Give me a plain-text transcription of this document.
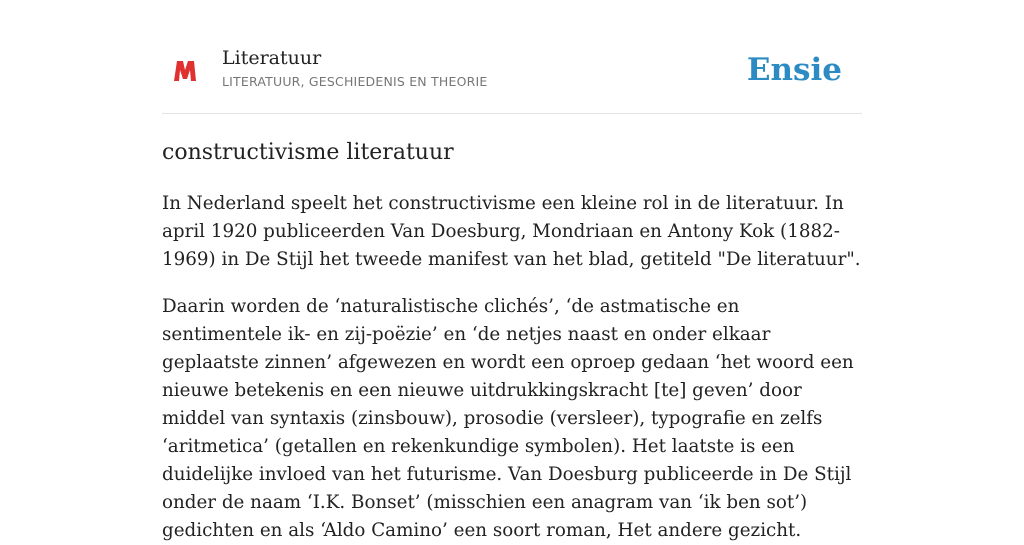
Literatuur
LITERATUUR, GESCHIEDENIS EN THEORIE	Ensie
constructivisme literatuur

In Nederland speelt het constructivisme een kleine rol in de literatuur. In april 1920 publiceerden Van Doesburg, Mondriaan en Antony Kok (1882-1969) in De Stijl het tweede manifest van het blad, getiteld "De literatuur".

Daarin worden de ‘naturalistische clichés’, ‘de astmatische en sentimentele ik- en zij-poëzie’ en ‘de netjes naast en onder elkaar geplaatste zinnen’ afgewezen en wordt een oproep gedaan ‘het woord een nieuwe betekenis en een nieuwe uitdrukkingskracht [te] geven’ door middel van syntaxis (zinsbouw), prosodie (versleer), typografie en zelfs ‘aritmetica’ (getallen en rekenkundige symbolen). Het laatste is een duidelijke invloed van het futurisme. Van Doesburg publiceerde in De Stijl onder de naam ‘I.K. Bonset’ (misschien een anagram van ‘ik ben sot’) gedichten en als ‘Aldo Camino’ een soort roman, Het andere gezicht.
